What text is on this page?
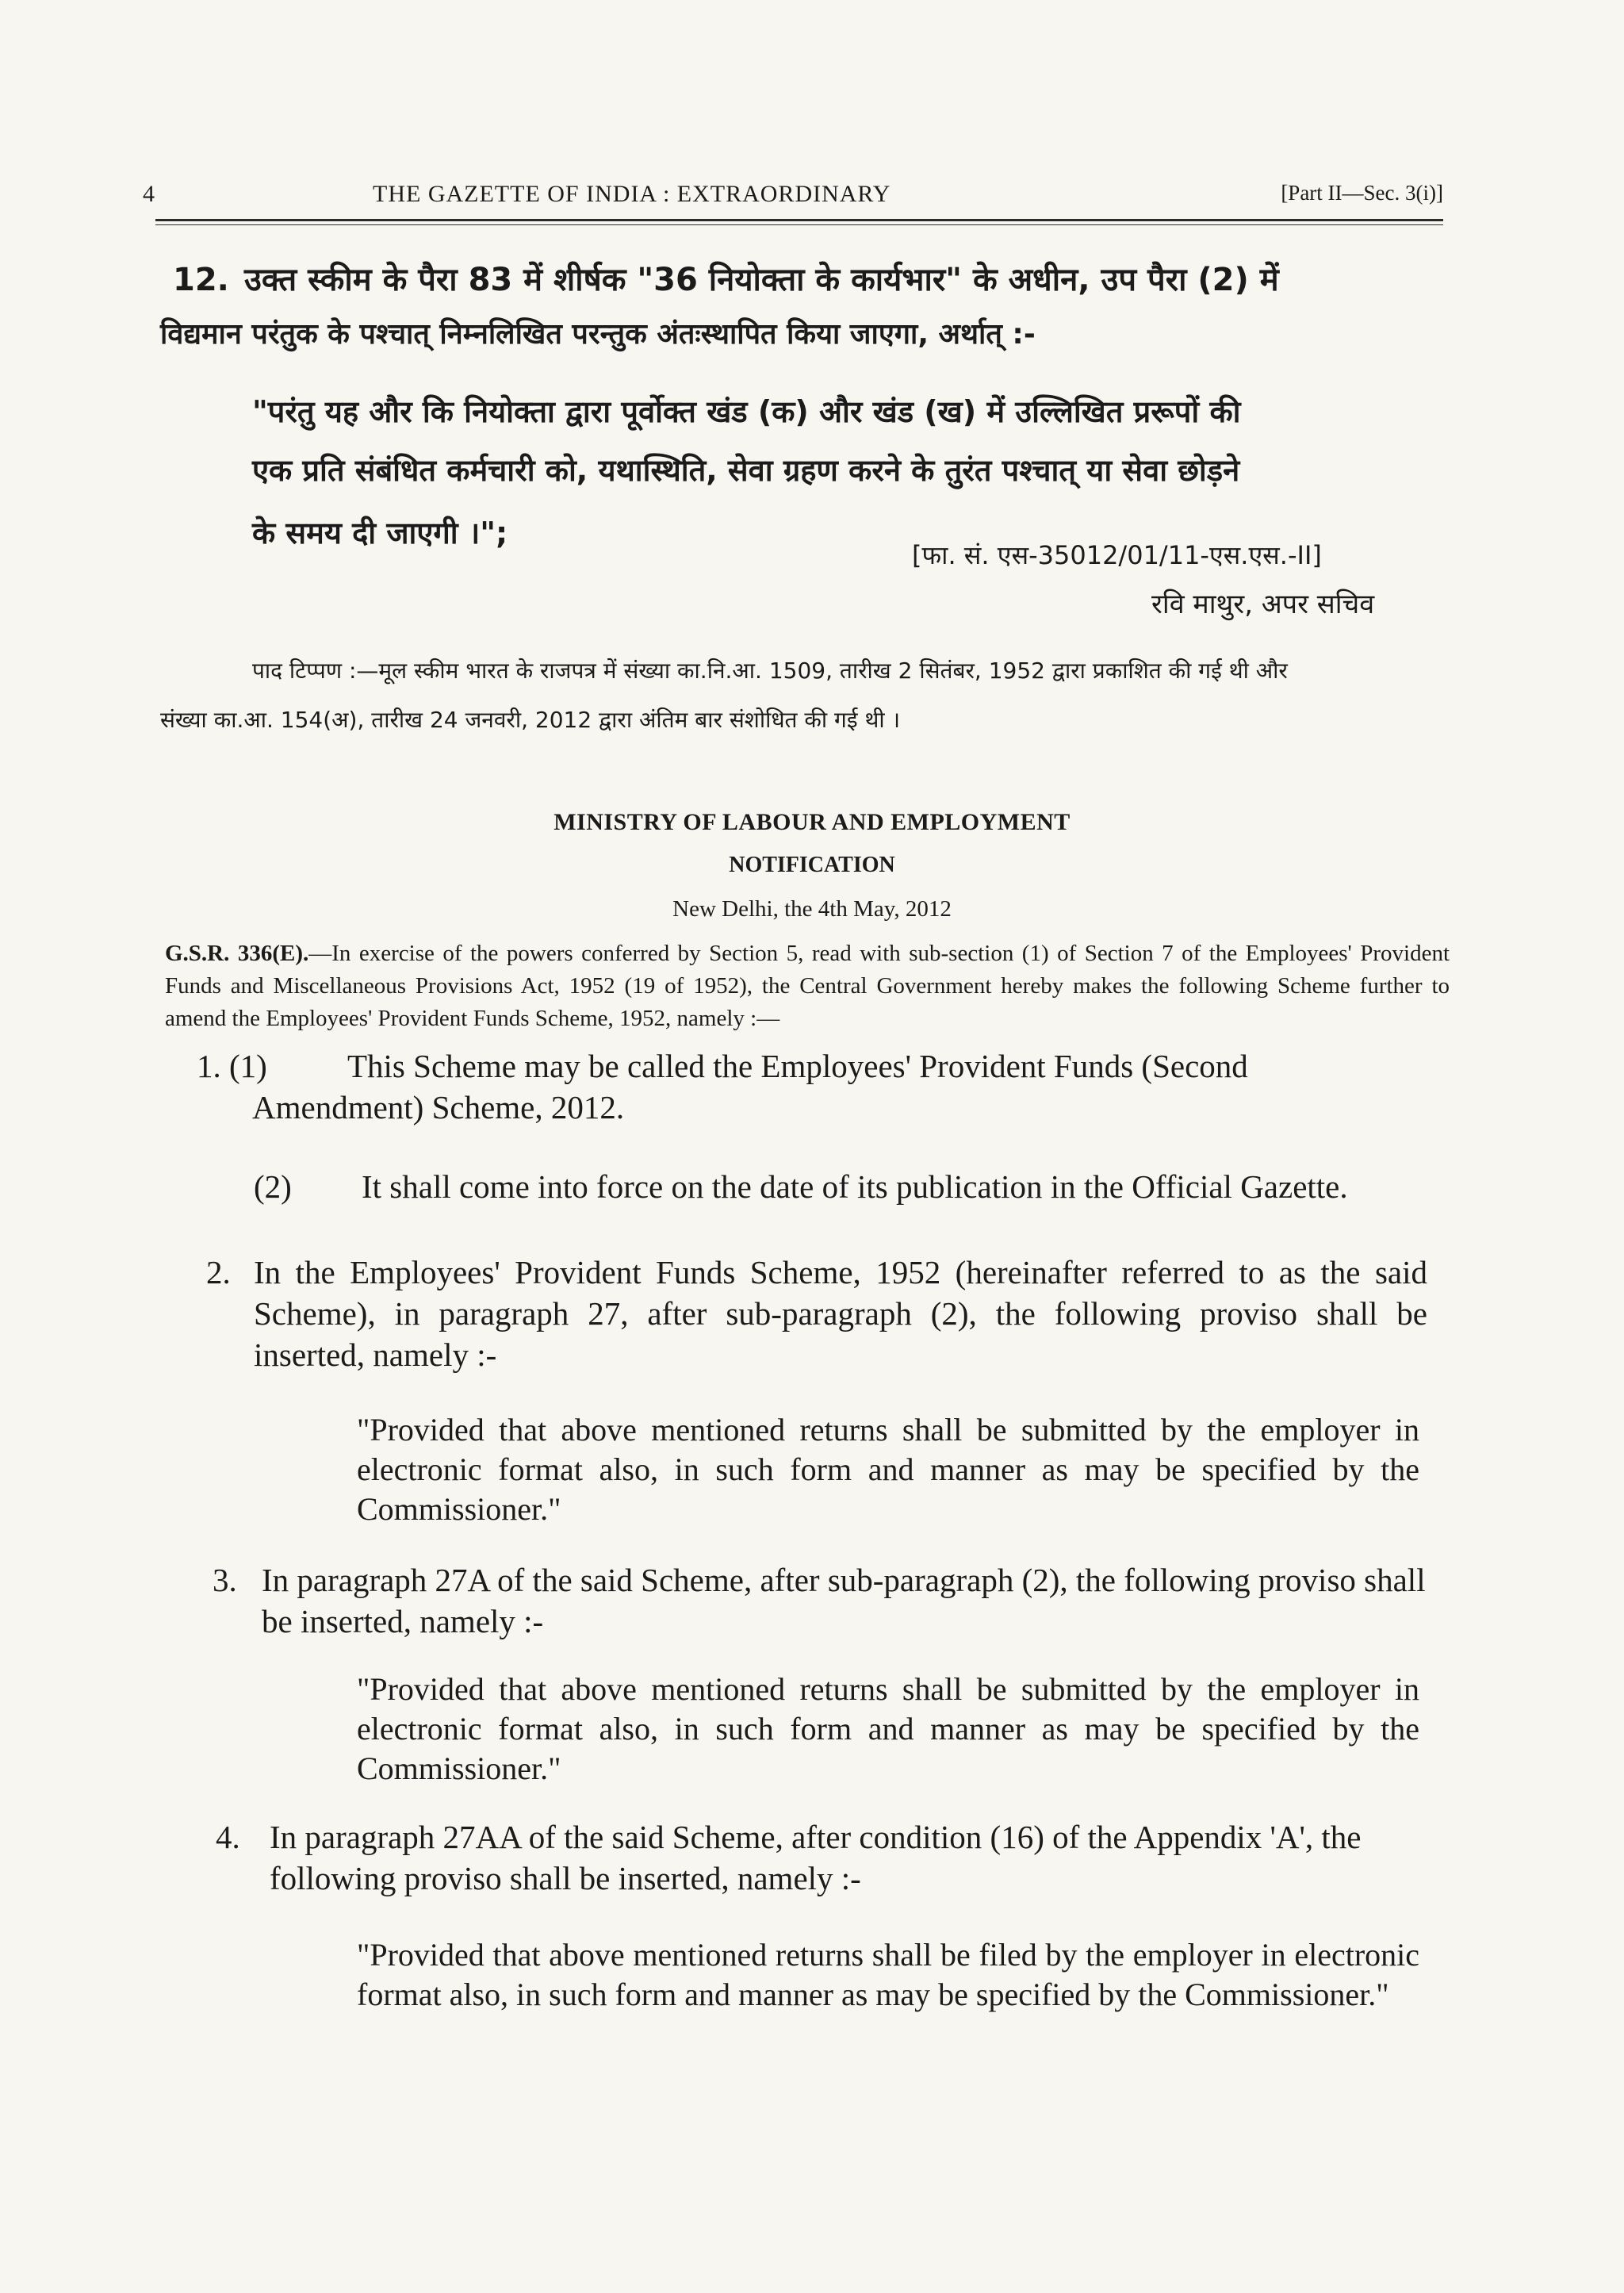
4	THE GAZETTE OF INDIA : EXTRAORDINARY	[Part II—Sec. 3(i)]
12. उक्त स्कीम के पैरा 83 में शीर्षक "36 नियोक्ता के कार्यभार" के अधीन, उप पैरा (2) में
विद्यमान परंतुक के पश्चात् निम्नलिखित परन्तुक अंतःस्थापित किया जाएगा, अर्थात् :-
"परंतु यह और कि नियोक्ता द्वारा पूर्वोक्त खंड (क) और खंड (ख) में उल्लिखित प्ररूपों की
एक प्रति संबंधित कर्मचारी को, यथास्थिति, सेवा ग्रहण करने के तुरंत पश्चात् या सेवा छोड़ने
के समय दी जाएगी ।";
[फा. सं. एस-35012/01/11-एस.एस.-II]
रवि माथुर, अपर सचिव
पाद टिप्पण :—मूल स्कीम भारत के राजपत्र में संख्या का.नि.आ. 1509, तारीख 2 सितंबर, 1952 द्वारा प्रकाशित की गई थी और
संख्या का.आ. 154(अ), तारीख 24 जनवरी, 2012 द्वारा अंतिम बार संशोधित की गई थी ।
MINISTRY OF LABOUR AND EMPLOYMENT
NOTIFICATION
New Delhi, the 4th May, 2012
G.S.R. 336(E).—In exercise of the powers conferred by Section 5, read with sub-section (1) of Section 7 of the Employees' Provident Funds and Miscellaneous Provisions Act, 1952 (19 of 1952), the Central Government hereby makes the following Scheme further to amend the Employees' Provident Funds Scheme, 1952, namely :—
1. (1)	This Scheme may be called the Employees' Provident Funds (Second
Amendment) Scheme, 2012.
(2) It shall come into force on the date of its publication in the Official Gazette.
2. In the Employees' Provident Funds Scheme, 1952 (hereinafter referred to as the said Scheme), in paragraph 27, after sub-paragraph (2), the following proviso shall be inserted, namely :-
"Provided that above mentioned returns shall be submitted by the employer in electronic format also, in such form and manner as may be specified by the Commissioner."
3. In paragraph 27A of the said Scheme, after sub-paragraph (2), the following proviso shall be inserted, namely :-
"Provided that above mentioned returns shall be submitted by the employer in electronic format also, in such form and manner as may be specified by the Commissioner."
4. In paragraph 27AA of the said Scheme, after condition (16) of the Appendix 'A', the following proviso shall be inserted, namely :-
"Provided that above mentioned returns shall be filed by the employer in electronic format also, in such form and manner as may be specified by the Commissioner."
